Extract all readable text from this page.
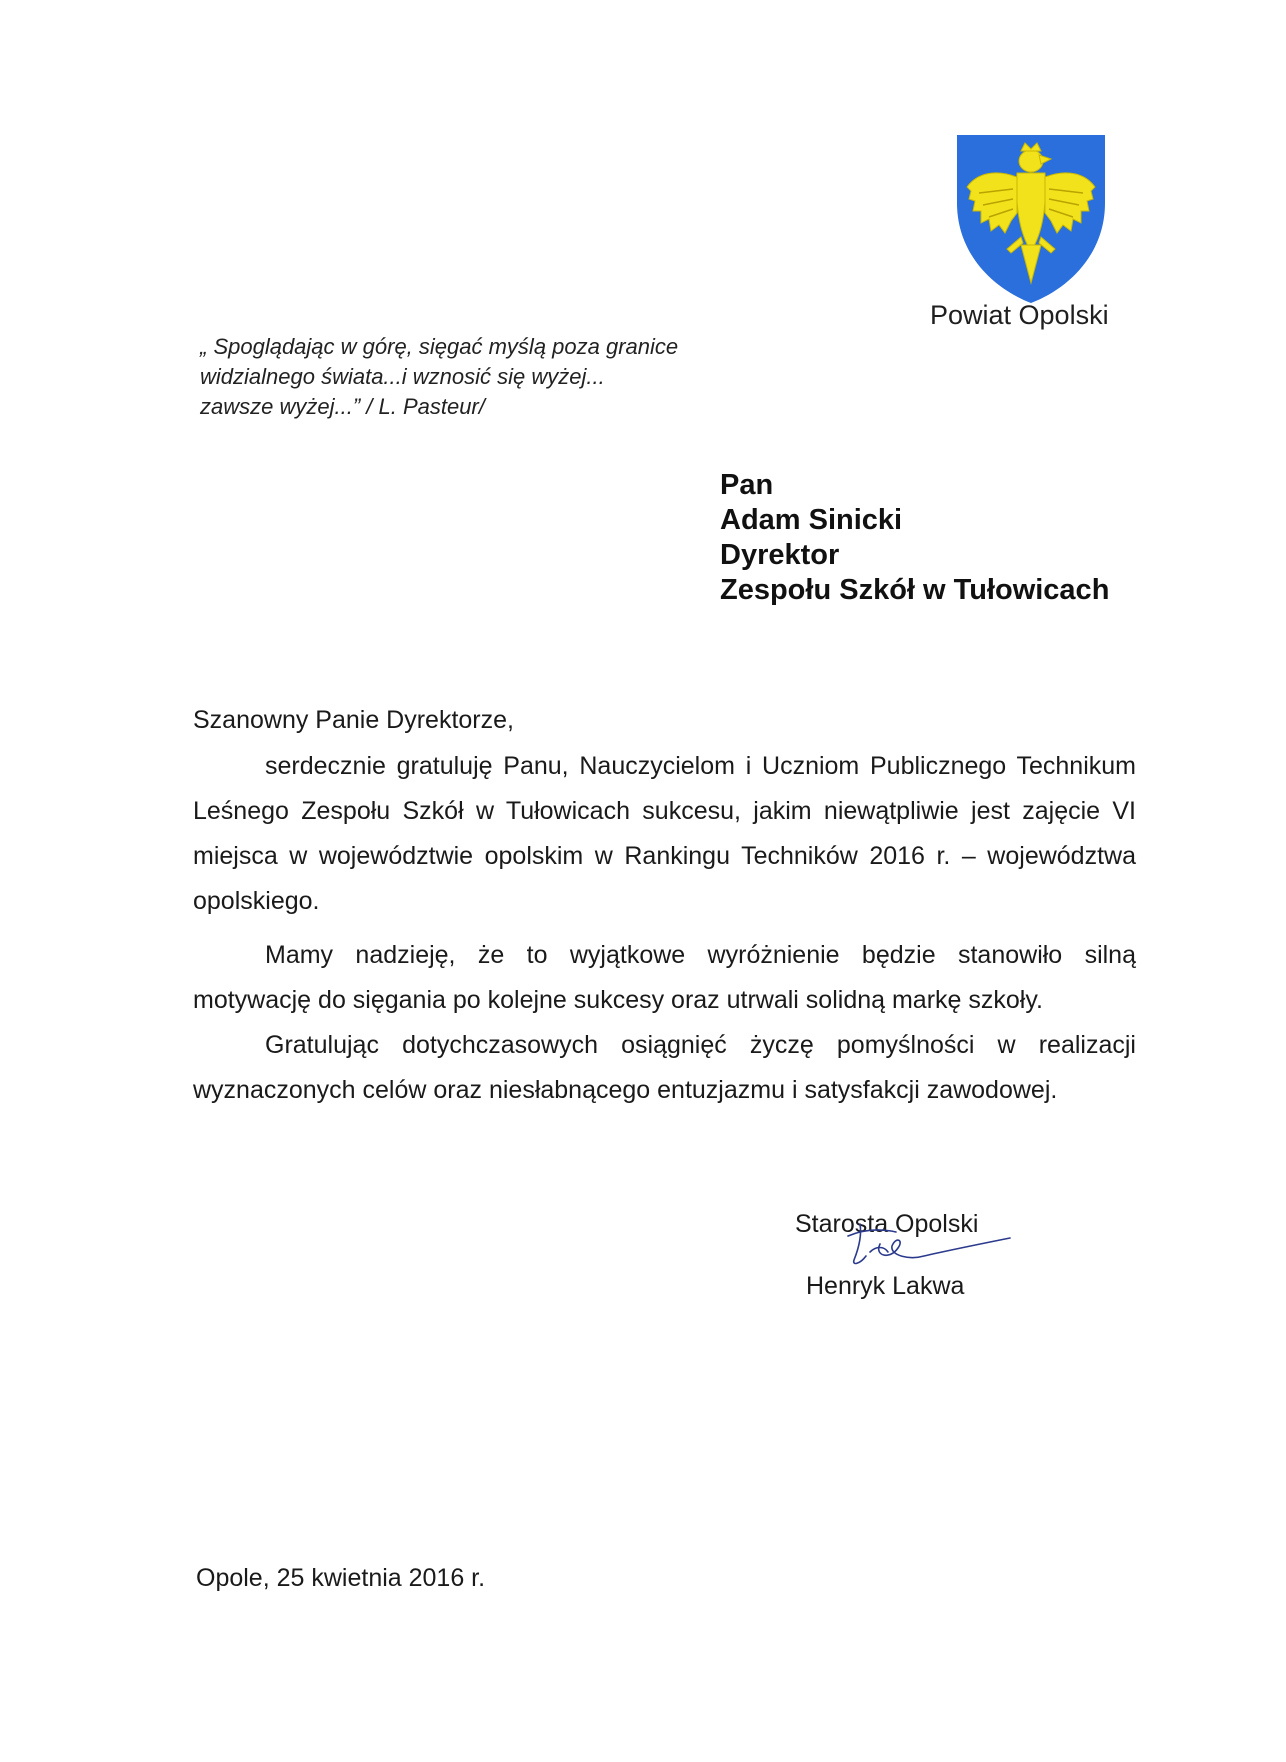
Powiat Opolski
„ Spoglądając w górę, sięgać myślą poza granice
widzialnego świata...i wznosić się wyżej...
zawsze wyżej...” / L. Pasteur/
Pan
Adam Sinicki
Dyrektor
Zespołu Szkół w Tułowicach
Szanowny Panie Dyrektorze,
serdecznie gratuluję Panu, Nauczycielom i Uczniom Publicznego Technikum Leśnego Zespołu Szkół w Tułowicach sukcesu, jakim niewątpliwie jest zajęcie VI miejsca w województwie opolskim w Rankingu Techników 2016 r. – województwa opolskiego.
Mamy nadzieję, że to wyjątkowe wyróżnienie będzie stanowiło silną motywację do sięgania po kolejne sukcesy oraz utrwali solidną markę szkoły.
Gratulując dotychczasowych osiągnięć życzę pomyślności w realizacji wyznaczonych celów oraz niesłabnącego entuzjazmu i satysfakcji zawodowej.
Starosta Opolski
Henryk Lakwa
Opole, 25 kwietnia 2016 r.
